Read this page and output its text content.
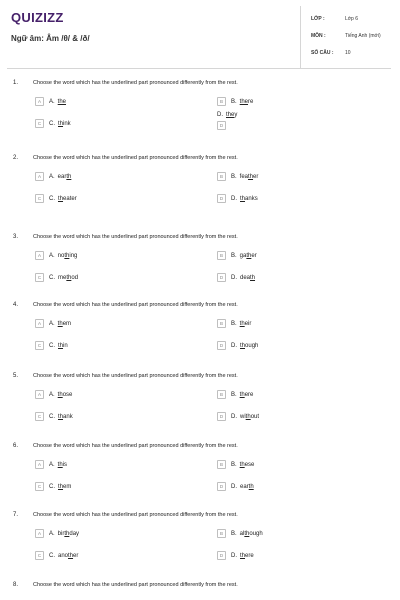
QUIZIZZ
Ngữ âm: Âm /θ/ & /ð/
LỚP :	Lớp 6
MÔN :	Tiếng Anh (mới)
SỐ CÂU : 10
1.	Choose the word which has the underlined part pronounced differently from the rest.
A	A. the	B	B. there
C	C. think	D
D. they
2.	Choose the word which has the underlined part pronounced differently from the rest.
A	A. earth	B	B. feather
C	C. theater	D	D. thanks
3.	Choose the word which has the underlined part pronounced differently from the rest.
A	A. nothing	B	B. gather
C	C. method	D	D. death
4.	Choose the word which has the underlined part pronounced differently from the rest.
A	A. them	B	B. their
C	C. thin	D	D. though
5.	Choose the word which has the underlined part pronounced differently from the rest.
A	A. those	B	B. there
C	C. thank	D	D. without
6.	Choose the word which has the underlined part pronounced differently from the rest.
A	A. this	B	B. these
C	C. them	D	D. earth
7.	Choose the word which has the underlined part pronounced differently from the rest.
A	A. birthday	B	B. although
C	C. another	D	D. there
8.	Choose the word which has the underlined part pronounced differently from the rest.
